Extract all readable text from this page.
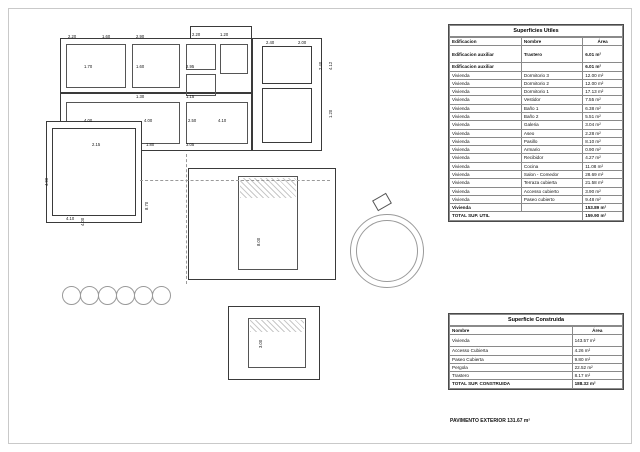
2.20	1.60	2.90	2.20	1.20
2.40	2.00
1.70	1.60	2.95
1.30	1.15
4.00	4.00	2.50	4.10
4.10
2.15	1.80	3.05
4.90
8.70
4.00
8.00
3.00
4.12
1.20
2.40
Superficies Utiles
Edificacion	Nombre	Área
Edificacion auxiliar	Trastero	6.01 m²
Edificacion auxiliar		6.01 m²
Vivienda	Dormitorio 3	12.00 m²
Vivienda	Dormitorio 2	12.00 m²
Vivienda	Dormitorio 1	17.13 m²
Vivienda	Vestidor	7.55 m²
Vivienda	Baño 1	6.38 m²
Vivienda	Baño 2	5.51 m²
Vivienda	Galeria	3.04 m²
Vivienda	Aseo	2.28 m²
Vivienda	Pasillo	8.10 m²
Vivienda	Armario	0.90 m²
Vivienda	Recibidor	4.27 m²
Vivienda	Cocina	11.08 m²
Vivienda	Salon - Comedor	28.69 m²
Vivienda	Terraza cubierta	21.58 m²
Vivienda	Accesso cubierto	3.90 m²
Vivienda	Paseo cubierto	9.48 m²
Vivienda		153.89 m²
TOTAL SUP. UTIL		159.90 m²
Superficie Construida
Nombre	Área
Vivienda	143.57 m²
Accesso Cubierta	4.26 m²
Paseo Cubierta	9.80 m²
Pergola	22.52 m²
Trastero	8.17 m²
TOTAL SUP. CONSTRUIDA	188.32 m²
PAVIMENTO EXTERIOR 131.67 m²
